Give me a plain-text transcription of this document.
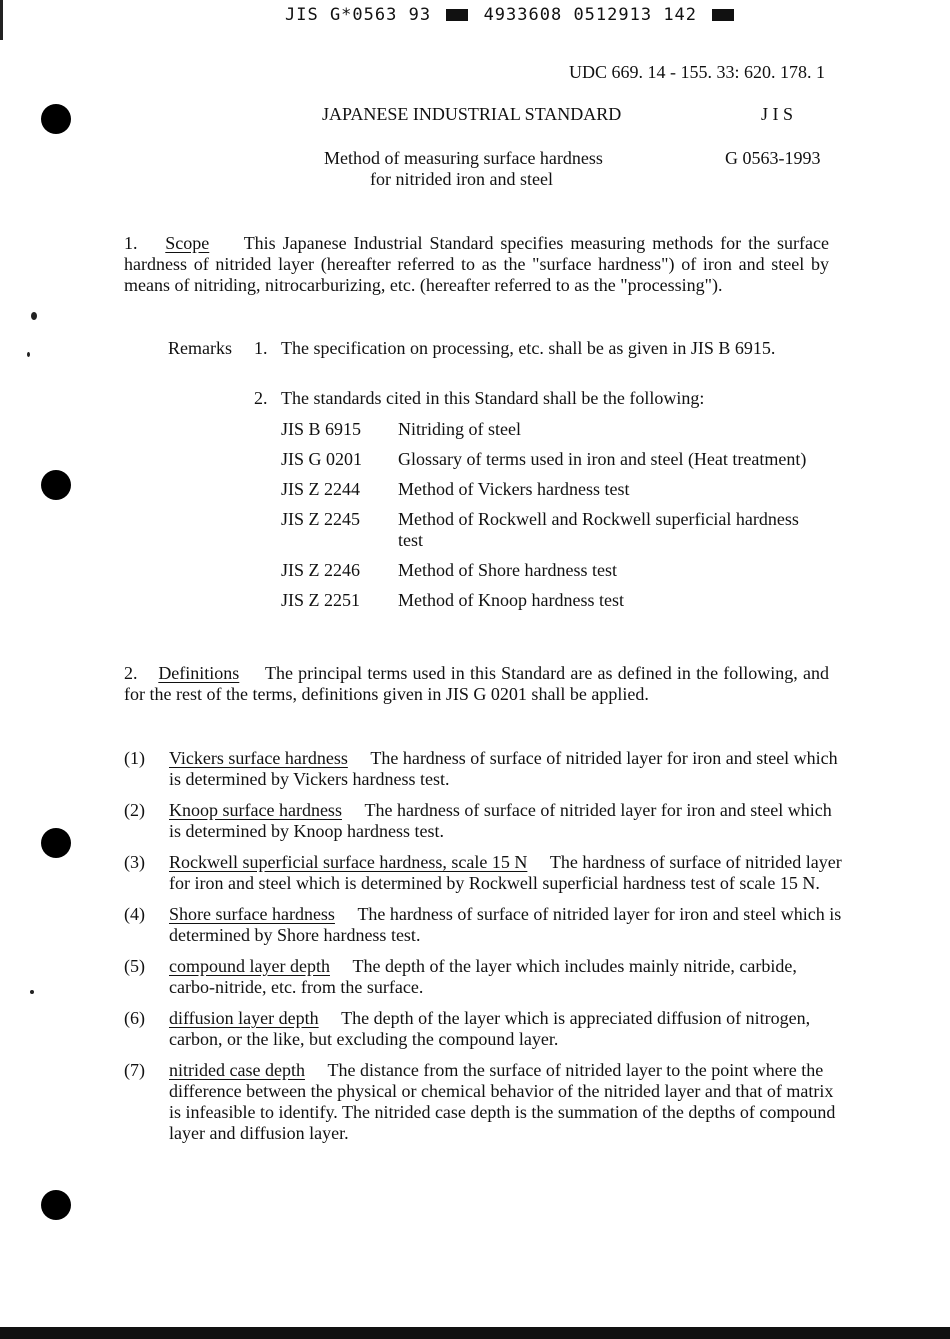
JIS G*0563 93	4933608 0512913 142
UDC 669. 14 - 155. 33: 620. 178. 1
JAPANESE INDUSTRIAL STANDARD	J I S
Method of measuring surface hardness
for nitrided iron and steel
G 0563-1993
1. Scope This Japanese Industrial Standard specifies measuring methods for the surface hardness of nitrided layer (hereafter referred to as the "surface hardness") of iron and steel by means of nitriding, nitrocarburizing, etc. (hereafter referred to as the "processing").
Remarks 1. The specification on processing, etc. shall be as given in JIS B 6915.
2. The standards cited in this Standard shall be the following:
JIS B 6915	Nitriding of steel
JIS G 0201	Glossary of terms used in iron and steel (Heat treatment)
JIS Z 2244	Method of Vickers hardness test
JIS Z 2245	Method of Rockwell and Rockwell superficial hardness test
JIS Z 2246	Method of Shore hardness test
JIS Z 2251	Method of Knoop hardness test
2. Definitions The principal terms used in this Standard are as defined in the following, and for the rest of the terms, definitions given in JIS G 0201 shall be applied.
(1)	Vickers surface hardness The hardness of surface of nitrided layer for iron and steel which is determined by Vickers hardness test.
(2)	Knoop surface hardness The hardness of surface of nitrided layer for iron and steel which is determined by Knoop hardness test.
(3)	Rockwell superficial surface hardness, scale 15 N The hardness of surface of nitrided layer for iron and steel which is determined by Rockwell superficial hardness test of scale 15 N.
(4)	Shore surface hardness The hardness of surface of nitrided layer for iron and steel which is determined by Shore hardness test.
(5)	compound layer depth The depth of the layer which includes mainly nitride, carbide, carbo-nitride, etc. from the surface.
(6)	diffusion layer depth The depth of the layer which is appreciated diffusion of nitrogen, carbon, or the like, but excluding the compound layer.
(7)	nitrided case depth The distance from the surface of nitrided layer to the point where the difference between the physical or chemical behavior of the nitrided layer and that of matrix is infeasible to identify. The nitrided case depth is the summation of the depths of compound layer and diffusion layer.
